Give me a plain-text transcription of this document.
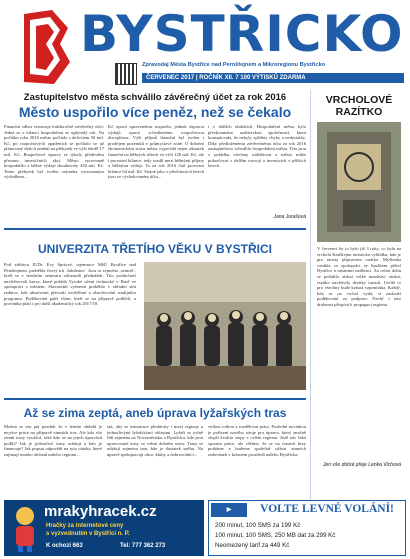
BYSTŘICKO
Zpravodaj Města Bystřice nad Pernštejnem a Mikroregionu Bystřicko
ČERVENEC 2017 | ROČNÍK XII. 7 100 VÝTISKŮ ZDARMA
Zastupitelstvo města schválilo závěrečný účet za rok 2016
Město uspořilo více peněz, než se čekalo
Finanční odbor sestavuje každoročně závěrečný účet. Jedná se o bilanci hospodaření ze uplynulý rok. Na počátku roku 2016 město počítalo s deficitem 50 mil. Kč, po rozpočtových opatřeních se počítalo se už plánovaný deficit změnil na přebytek ve výši téměř 17 mil. Kč. Rozpočtové úpravy se týkaly především přesunu investičních akcí. Město vyrovnaně hospodařilo a běžné výdaje dosahovaly 430 mil. Kč. Tento přebytek byl tvořen zejména vyrovnaným výsledkem...
Kč oproti upravenému rozpočtu, jednak úsporou výdajů oproti schválenému rozpočtovou disciplínou. Výši příjmů finanční byl tvořen i prodejem pozemků v průmyslové zóně. O dobrém ekonomickém stavu města vypovídá nejen zůstatek finanční na běžných účtech ve výši 128 mil. Kč, ale i provozní bilance, tedy rozdíl mezi běžnými příjmy a běžnými výdaji. Ta za rok 2016 činí provozní bilance 64 mil. Kč. Stejně jako v předchozích letech jsou ve výsledovaném účtu...
i v dalších obdobích. Hospodaření města bylo přezkoumáno auditorskou společností, která konstatovala, že nebyly zjištěny chyby a nedostatky. Díky předloženému závěrečnému účtu za rok 2016 zastupitelstvo schválilo hospodaření města. Tím jsou v pořádku všechny náležitosti a město může pokračovat v dalším rozvoji a investicích v příštích letech.
Jana Jurašová
UNIVERZITA TŘETÍHO VĚKU V BYSTŘICI
Pod záštitou JUDr. Evy Šprtové, tajemnice MěÚ Bystřice nad Pernštejnem, proběhla čtvrtý trh ‚Jubileum‘. Jsou to zejména ‚senioři‘, kteří se v letošním semestru zúčastnili přednášek. Tito posluchači navštěvovali kurzy, které pořádá Vysoké učení technické v Brně ve spolupráci s městem. Slavnostní vyřazení proběhlo v obřadní síni radnice, kde absolventi převzali osvědčení o absolvování studijního programu. Poděkování patří všem, kteří se na přípravě podíleli, a pozvánka platí i pro další akademický rok 2017/18.
Až se zima zeptá, aneb úprava lyžařských tras
Možná se vás ptá pozdně, že v letním období je nejvíce práce na přípravě zimních tras. Ale kdo vše zimní trasy využívá, také kdo se na jejich úpravách podílí? Jak je jednotlivé trasy udržují a kdo je financuje? Jak popsat odpovědi na tyto otázky, které zajímají mnoho občanů našeho regionu...
tak, aby se informace předávaly i mezi regiony a jednotlivými lyžařskými oblastmi. Lyžaři se ročně řídí zejména na Novoměstsku a Bystřicku, kde jsou upravované trasy ve velmi dobrém stavu. Trasy se udržují zejména tam, kde je dostatek sněhu. Na úpravě spolupracují obce, kluby a dobrovolníci...
velkou rolbou a rozdělovat práci. Poslední novinkou je pořízení nového stroje pro úpravu, který značně zlepší kvalitu stopy v celém regionu. Jistě nás čeká spousta práce, ale věříme, že se na trasách brzy potkáme a budeme společně užívat zimních radovánek v krásném prostředí našeho Bystřicka.
VRCHOLOVÉ RAZÍTKO
V červenci by to bylo již 3 roky, co byla na vrcholu Karlštejnu turistická vyhlídka, kde je pro turisty připraveno razítko. Myšlenka vznikla ve spolupráci se Spolkem přátel Bystřice a místními nadšenci. Za celou dobu se podařilo získat velké množství otisků, razítko navštívily desítky turistů. Určitě to pro všechny bude krásná vzpomínka. Každý, kdo se na vrchol vydá, si zaslouží poděkování za podporu. Nechť i tato drobnost přispívá k propagaci regionu.
Jen vše dobré přeje Lenka Vichová
mrakyhracek.cz
Hračky za internetové ceny
s vyzvednutím v Bystřici n. P.
K ochozi 663	Tel: 777 362 273
▶	VOLTE LEVNÉ VOLÁNÍ!
200 minut, 100 SMS za 199 Kč
100 minut, 100 SMS, 250 MB dat za 299 Kč
Neomezený tarif za 449 Kč
